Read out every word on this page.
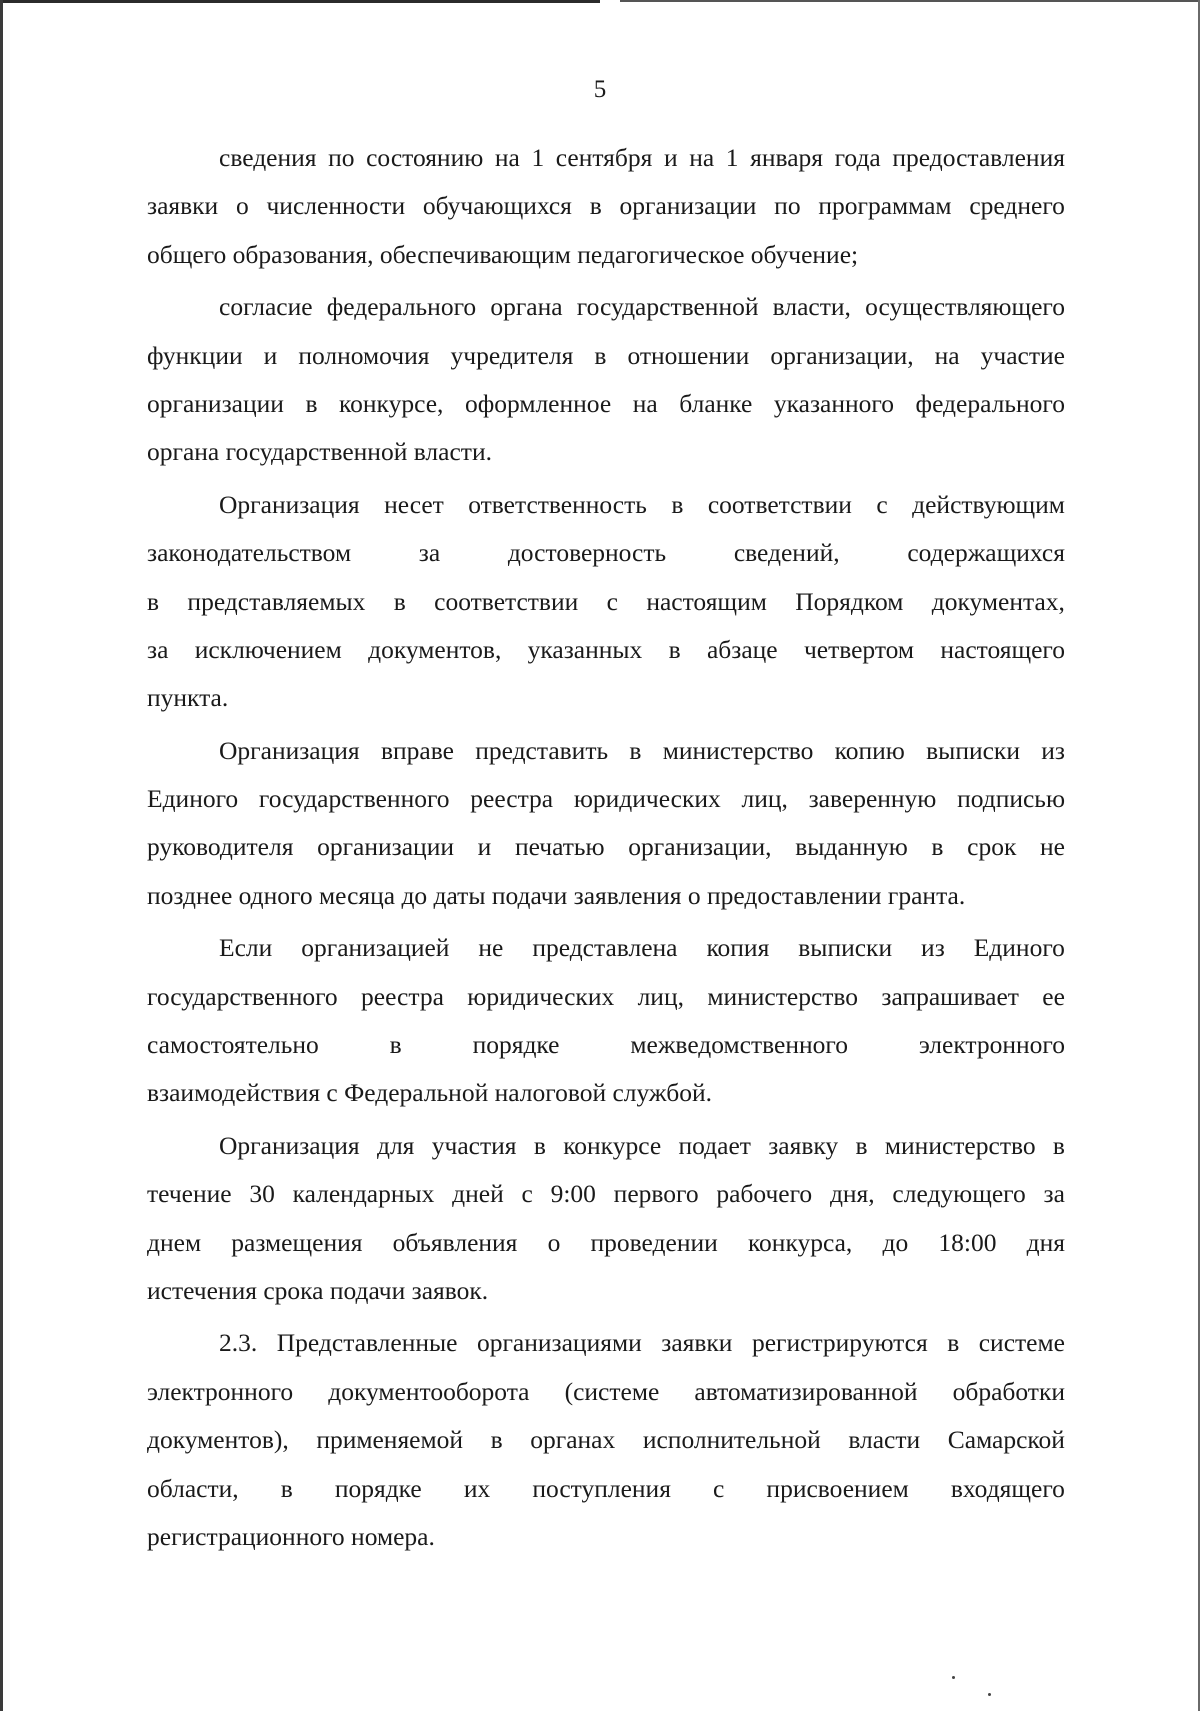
5
сведения по состоянию на 1 сентября и на 1 января года предоставления
заявки о численности обучающихся в организации по программам среднего
общего образования, обеспечивающим педагогическое обучение;
согласие федерального органа государственной власти, осуществляющего
функции и полномочия учредителя в отношении организации, на участие
организации в конкурсе, оформленное на бланке указанного федерального
органа государственной власти.
Организация несет ответственность в соответствии с действующим
законодательством	за	достоверность	сведений,	содержащихся
в представляемых в соответствии с настоящим Порядком документах,
за исключением документов, указанных в абзаце четвертом настоящего
пункта.
Организация вправе представить в министерство копию выписки из
Единого государственного реестра юридических лиц, заверенную подписью
руководителя организации и печатью организации, выданную в срок не
позднее одного месяца до даты подачи заявления о предоставлении гранта.
Если организацией не представлена копия выписки из Единого
государственного реестра юридических лиц, министерство запрашивает ее
самостоятельно	в	порядке	межведомственного	электронного
взаимодействия с Федеральной налоговой службой.
Организация для участия в конкурсе подает заявку в министерство в
течение 30 календарных дней с 9:00 первого рабочего дня, следующего за
днем размещения объявления о проведении конкурса, до 18:00 дня
истечения срока подачи заявок.
2.3. Представленные организациями заявки регистрируются в системе
электронного документооборота (системе автоматизированной обработки
документов), применяемой в органах исполнительной власти Самарской
области, в порядке их поступления с присвоением входящего
регистрационного номера.
